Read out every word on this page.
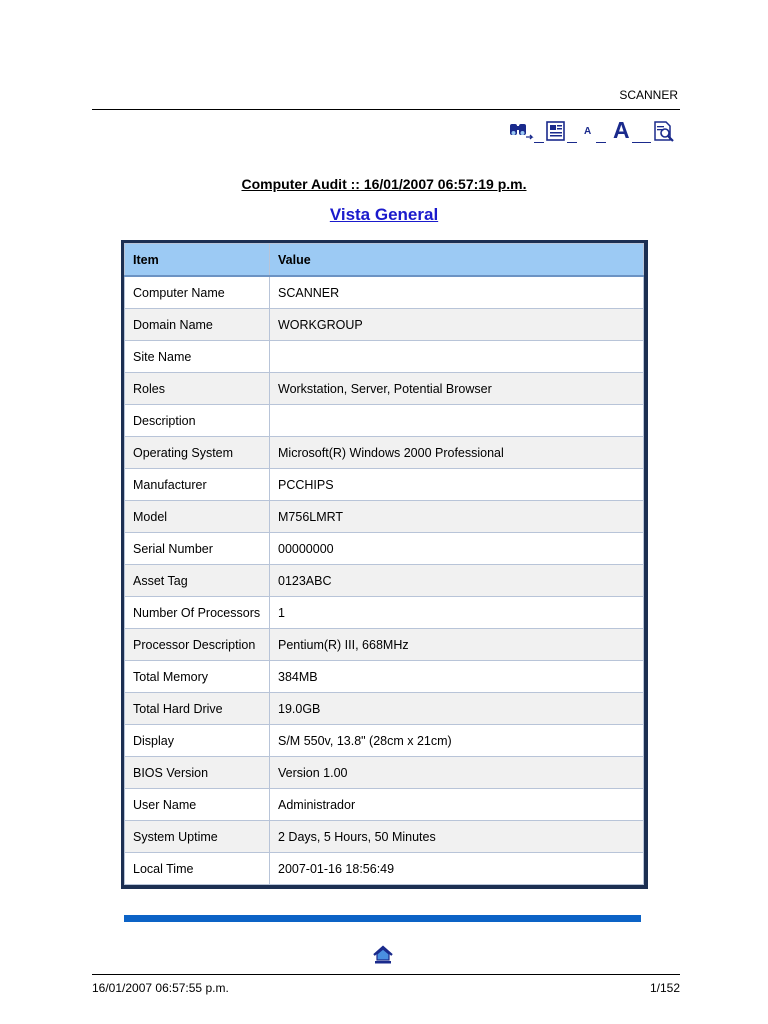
SCANNER
A A
Computer Audit :: 16/01/2007 06:57:19 p.m.
Vista General
Item	Value
Computer Name	SCANNER
Domain Name	WORKGROUP
Site Name	
Roles	Workstation, Server, Potential Browser
Description	
Operating System	Microsoft(R) Windows 2000 Professional
Manufacturer	PCCHIPS
Model	M756LMRT
Serial Number	00000000
Asset Tag	0123ABC
Number Of Processors	1
Processor Description	Pentium(R) III, 668MHz
Total Memory	384MB
Total Hard Drive	19.0GB
Display	S/M 550v, 13.8" (28cm x 21cm)
BIOS Version	Version 1.00
User Name	Administrador
System Uptime	2 Days, 5 Hours, 50 Minutes
Local Time	2007-01-16 18:56:49
16/01/2007 06:57:55 p.m.	1/152
